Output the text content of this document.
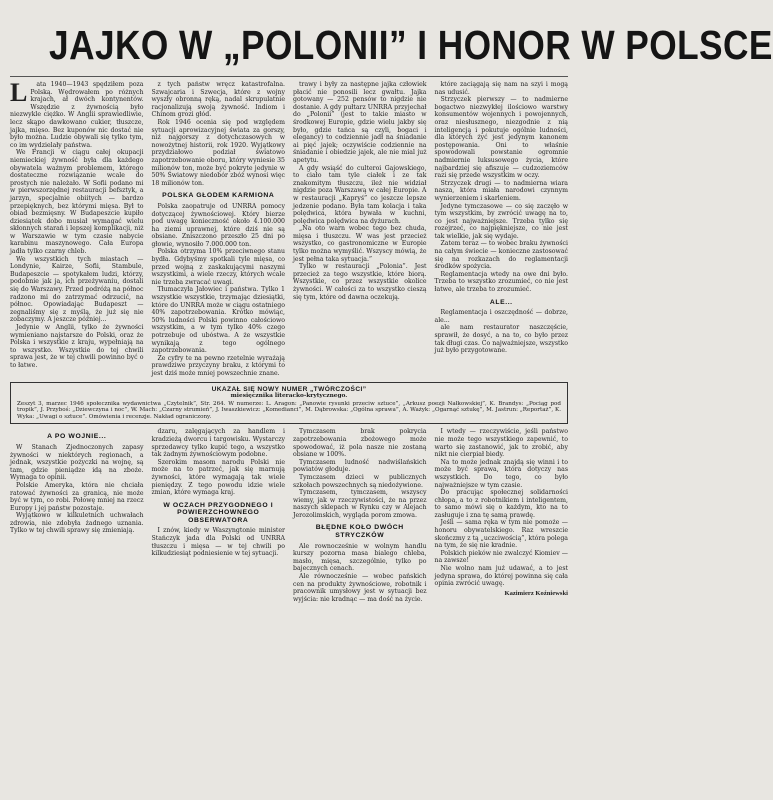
JAJKO W „POLONII” I HONOR W POLSCE
L	ata 1940—1943 spędziłem poza Polską. Wędrowałem po różnych krajach, ał dwóch kontynentów. Wszędzie z żywnością było niezwykle ciężko. W Anglii sprawiedliwie, lecz skąpo dawkowano cukier, tłuszcze, jajka, mięso. Bez kuponów nic dostać nie było można. Ludzie obywali się tylko tym, co im wydzielały państwa.

We Francji w ciągu całej okupacji niemieckiej żywność była dla każdego obywatela ważnym problemem, którego dostateczne rozwiązanie wcale do prostych nie należało. W Sofii podano mi w pierwszorzędnej restauracji befsztyk, a jarzyn, specjalnie obiitych — bardzo przepięknych, bez którymi mięsa. Był to obiad bezmięsny. W Budapeszcie kupiło dziesiątek dobo musiał wymagać wielu skłonnych starań i lepszej komplikacji, niż w Warszawie w tym czasie nabycie karabinu maszynowego. Cała Europa jadła tylko czarny chleb.

We wszystkich tych miastach — Londynie, Kairze, Sofii, Stambule, Budapeszcie — spotykałem ludzi, którzy, podobnie jak ja, ich przeżywaniu, dostali się do Warszawy. Przed podróżą na północ radzono mi do zatrzymać odrzucić, na północ. Opowiadając Budapeszt — zegnaliśmy się z myślą, że już się nie zobaczymy. A jeszcze później...

Jedynie w Anglii, tylko że żywności wymieniano najstarsze do Polski, oraz że Polska i wszystkie z kraju, wypełniają na to wszystko. Wszystkie do tej chwili sprawa jest, że w tej chwili powinno być o to łatwe.

z tych państw wręcz katastrofalna. Szwajcaria i Szwecja, które z wojny wyszły obronną ręką, nadal skrupulatnie racjonalizują swoją żywność. Indiom i Chinom grozi głód.

Rok 1946 ocenia się pod względem sytuacji aprowizacyjnej świata za gorszy, niż najgorszy z dotychczasowych w nowożytnej historii, rok 1920. Wyjątkowy przydziałowo podział światowo zapotrzebowanie oboru, który wyniesie 35 milionów ton, może być pokryte jedynie w 50% Światowy niedobór zbóż wynosi więc 18 milionów ton.

POLSKA GŁODEM KARMIONA

Polska zaopatruje od UNRRA pomocy dotyczącej żywnościowej. Który bierze pod uwagę konieczność około 4.100.000 ha ziemi uprawnej, które dziś nie są obsiane. Zniszczono przeszło 25 dni po głowie, wynosiło 7.000.000 ton.

Polska otrzyma 10% przeciwnego stanu bydła. Gdybyśmy spotkali tyle mięsa, co przed wojną z zaskakującymi naszymi wszystkimi, a wiele rzeczy, których wcale nie trzeba zwracać uwagi.

Tłumaczyła Jałowiec i państwa. Tylko 1 wszystkie wszystkie, trzymając dziesiątki, które do UNRRA może w ciągu ostatniego 40% zapotrzebowania. Krótko mówiąc, 50% ludności Polski powinno całościowo wszystkim, a w tym tylko 40% czego potrzebuje od ubóstwa. A że wszystkie wynikają z tego ogólnego zapotrzebowania.

Ze cyfry te na pewno rzetelnie wyrażają prawdziwe przyczyny braku, z którymi to jest dziś może mniej powszechnie znane.

trawy i były za następne jajka człowiek płacić nie ponosili lecz gwałtu. Jajka gotowany — 252 pensów to nigdzie nie dostanie. A gdy pułtarz UNRRA przyjechał do „Polonii” (jest to takie miasto w środkowej Europie, gdzie wielu jakby się było, gdzie tańca są czyli, bogaci i elegancy) to codziennie jadł na śniadanie ai pięć jajek; oczywiście codziennie na śniadanie i obiedzie jajek, ale nie mial już apetytu.

A gdy wsiąść do culteroi Gajowskiego, to ciało tam tyle ciałek i ze tak znakomitym tłuszczu, ileż nie widział nigdzie poza Warszawą w całej Europie. A w restauracji „Kapryś” co jeszcze lepsze jedzenie podano. Była tam kolacja i taka polędwica, która bywała w kuchni, polędwica polędwica na dyżurach.

„Na oto warn wobec tego bez chuda, mięsa i tłuszczu. W was jest przecież wszystko, co gastronomiczne w Europie tylko można wymyślić. Wszyscy mówią, że jest pełna taka sytuacja.”

Tylko w restauracji „Polonia”. Jest przecież za tego wszystkie, które biorą. Wszystkie, co przez wszystkie okolice żywności. W całości za to wszystko cieszą się tym, które od dawna oczekują.

które zaciągają się nam na szyi i mogą nas udusić.

Strzyczek pierwszy — to nadmierne bogactwo niezwykłej ilościowo warstwy konsumentów wojennych i powojennych, oraz niesłusznego, niezgodnie z nią inteligencją i pokutuje ogólnie ludności, dla których żyć jest jedynym kanonem postępowania. Oni to właśnie spowodowali powstanie ogromnie nadmiernie luksusowego życia, które najbardziej się afiszuje — cudzoziemców razi się przede wszystkim w oczy.

Strzyczek drugi — to nadmierna wiara nasza, która miała narodowi czynnym wynierzeniem i skarleniem.

Jedyne tymczasowe — co się zaczęło w tym wszystkim, by zwrócić uwagę na to, co jest najważniejsze. Trzeba tylko się rozejrzeć, co najpiękniejsze, co nie jest tak wielkie, jak się wydaje.

Zatem teraz — to wobec braku żywności na całym świecie — konieczne zastosować się na rozkazach do reglamentacji środków spożycia.

Reglamentacja wtedy na owe dni było. Trzeba to wszystko zrozumieć, co nie jest łatwe, ale trzeba to zrozumieć.

ALE...

Reglamentacja i oszczędność — dobrze, ale...

ale nam restaurator naszczęście, sprawił, że dosyć, a na to, co było przez tak długi czas. Co najważniejsze, wszystko już było przygotowane.

UKAZAŁ SIĘ NOWY NUMER „TWÓRCZOŚCI”
miesięcznika literacko-krytycznego.
Zeszyt 3, marzec 1946 społecznika wydawnictwa „Czytelnik”, Str. 264. W numerze: L. Aragon: „Panowie rysunki przeciw sztuce”, „Arkusz poezji Nałkowskiej”, K. Brandys: „Pociąg pod tropik”, J. Przyboś: „Dziewczyna i noc”, W. Mach: „Czarny strumień”, J. Iwaszkiewicz: „Komedianci”, M. Dąbrowska: „Ogólna sprawa”, A. Ważyk: „Ogarnąć sztukę”, M. Jastrun: „Reportaż”, K. Wyka: „Uwagi o sztuce”. Omówienia i recenzje. Nakład ograniczony.
A PO WOJNIE...

W Stanach Zjednoczonych zapasy żywności w niektórych regionach, a jednak, wszystkie pożyczki na wojnę, są tam, gdzie pieniądze idą na zboże. Wymaga to opinii.

Polskie Ameryka, która nie chciała ratować żywności za granicą, nie może być w tym, co robi. Połowę mniej na rzecz Europy i jej państw pozostaje.

Wyjątkowo w kilkuletnich uchwałach zdrowia, nie zdobyła żadnego uznania. Tylko w tej chwili sprawy się zmieniają.

dzaru, zalęgających za handlem i kradzieżą dworcu i targowisku. Wystarczy sprzedawcy tylko kupić tego, a wszystko tak żadnym żywnościowym podobne.

Szerokim masom narodu Polski nie może na to patrzeć, jak się marnują żywności, które wymagają tak wiele pieniędzy. Z tego powodu idzie wiele zmian, które wymaga kraj.

W OCZACH PRZYGODNEGO I POWIERZCHOWNEGO OBSERWATORA

I znów, kiedy w Waszyngtonie minister Stańczyk jada dla Polski od UNRRA tłuszczu i mięsa — w tej chwili po kilkudziesiąt podniesienie w tej sytuacji.

Tymczasem brak pokrycia zapotrzebowania zbożowego może spowodować, iż pola nasze nie zostaną obsiane w 100%.

Tymczasem ludność nadwiślańskich powiatów głoduje.

Tymczasem dzieci w publicznych szkołach powszechnych są niedożywione.

Tymczasem, tymczasem, wszyscy wiemy, jak w rzeczywistości, że na przez naszych sklepach w Rynku czy w Alejach Jerozolimskich, wygląda porom zmowa.

BŁĘDNE KOŁO DWÓCH STRYCZKÓW

Ale rownocześnie w wolnym handlu kurszy pozorna masa bialego chleba, masło, mięsa, szczególnie, tylko po bajecznych cenach.

Ale równocześnie — wobec pańskich cen na produkty żywnościowe, robotnik i pracownik umysłowy jest w sytuacji bez wyjścia: nie kradnąc — ma dość na życie.

I wtedy — rzeczywiście, jeśli państwo nie może tego wszystkiego zapewnić, to warto się zastanowić, jak to zrobić, aby nikt nie cierpiał biedy.

Na to może jednak znajdą się winni i to może być sprawa, która dotyczy nas wszystkich. Do tego, co było najważniejsze w tym czasie.

Do pracując społecznej solidarności chłopa, a to z robotnikiem i inteligentem, to samo mówi się o każdym, kto na to zasługuje i zna tę samą prawdę.

Jeśli — sama ręka w tym nie pomoże — honoru obywatelskiego. Raz wreszcie skończmy z tą „uczciwością”, która polega na tym, że się nie kradnie.

Polskich pieków nie zwalczyć Kiomiev — na zawsze!

Nie wolno nam już udawać, a to jest jedyna sprawa, do której powinna się cała opinia zwrócić uwagę.

Kazimierz Koźniewski
